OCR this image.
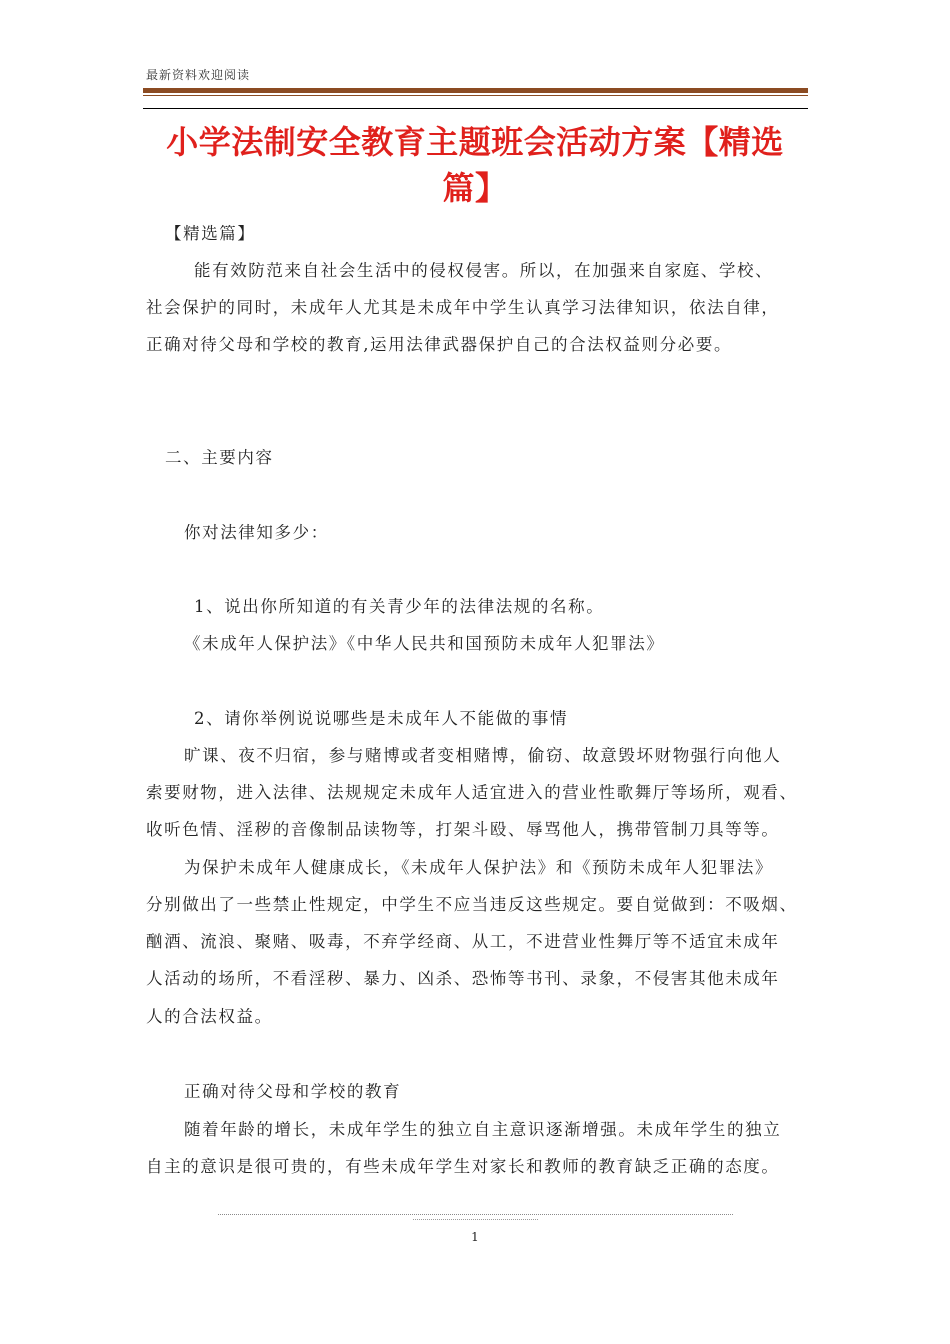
最新资料欢迎阅读
小学法制安全教育主题班会活动方案【精选
篇】
【精选篇】
能有效防范来自社会生活中的侵权侵害。所以，在加强来自家庭、学校、
社会保护的同时，未成年人尤其是未成年中学生认真学习法律知识，依法自律，
正确对待父母和学校的教育,运用法律武器保护自己的合法权益则分必要。
二、主要内容
你对法律知多少：
1、说出你所知道的有关青少年的法律法规的名称。
《未成年人保护法》《中华人民共和国预防未成年人犯罪法》
2、请你举例说说哪些是未成年人不能做的事情
旷课、夜不归宿，参与赌博或者变相赌博，偷窃、故意毁坏财物强行向他人
索要财物，进入法律、法规规定未成年人适宜进入的营业性歌舞厅等场所，观看、
收听色情、淫秽的音像制品读物等，打架斗殴、辱骂他人，携带管制刀具等等。
为保护未成年人健康成长，《未成年人保护法》和《预防未成年人犯罪法》
分别做出了一些禁止性规定，中学生不应当违反这些规定。要自觉做到：不吸烟、
酗酒、流浪、聚赌、吸毒，不弃学经商、从工，不进营业性舞厅等不适宜未成年
人活动的场所，不看淫秽、暴力、凶杀、恐怖等书刊、录象，不侵害其他未成年
人的合法权益。
正确对待父母和学校的教育
随着年龄的增长，未成年学生的独立自主意识逐渐增强。未成年学生的独立
自主的意识是很可贵的，有些未成年学生对家长和教师的教育缺乏正确的态度。
1
